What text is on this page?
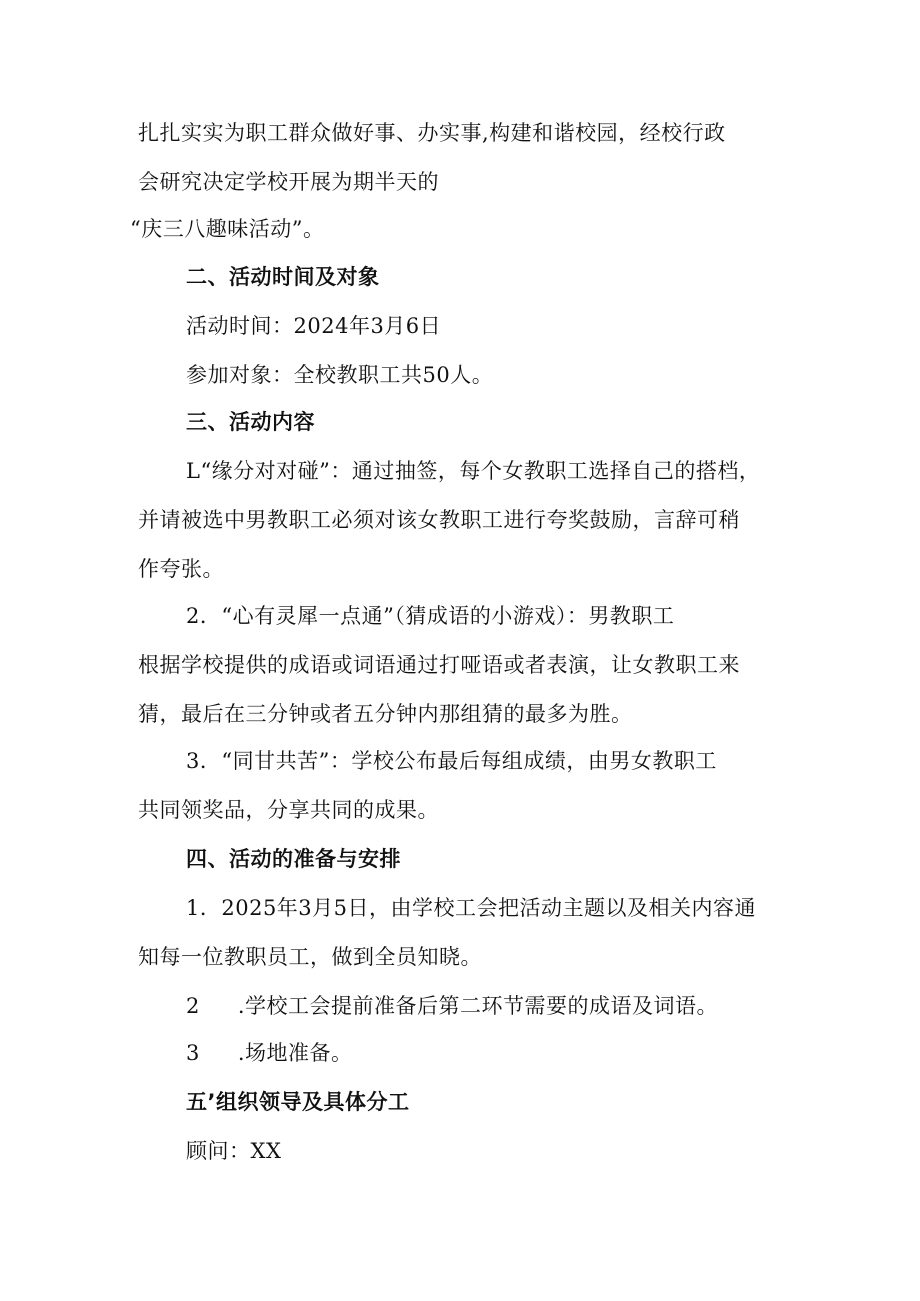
扎扎实实为职工群众做好事、办实事,构建和谐校园，经校行政
会研究决定学校开展为期半天的
“庆三八趣味活动”。
二、活动时间及对象
活动时间：2024年3月6日
参加对象：全校教职工共50人。
三、活动内容
L“缘分对对碰”：通过抽签，每个女教职工选择自己的搭档，
并请被选中男教职工必须对该女教职工进行夸奖鼓励，言辞可稍
作夸张。
2．“心有灵犀一点通”（猜成语的小游戏）：男教职工
根据学校提供的成语或词语通过打哑语或者表演，让女教职工来
猜，最后在三分钟或者五分钟内那组猜的最多为胜。
3．“同甘共苦”：学校公布最后每组成绩，由男女教职工
共同领奖品，分享共同的成果。
四、活动的准备与安排
1．2025年3月5日，由学校工会把活动主题以及相关内容通
知每一位教职员工，做到全员知晓。
2 .学校工会提前准备后第二环节需要的成语及词语。
3 .场地准备。
五’组织领导及具体分工
顾问：XX
